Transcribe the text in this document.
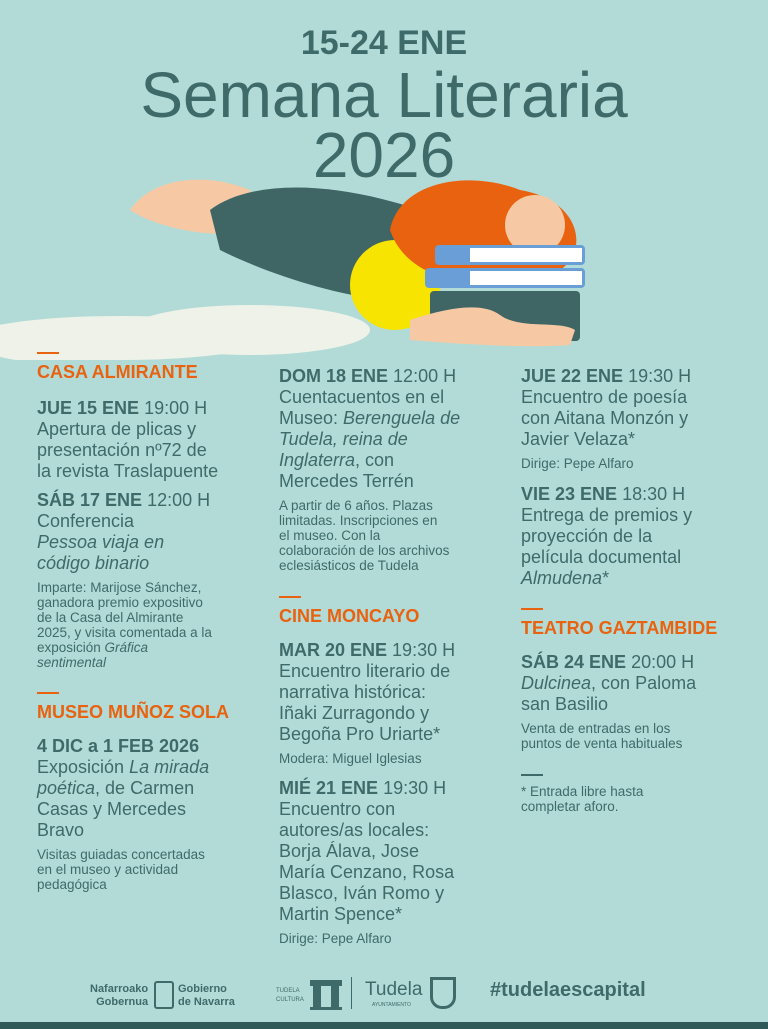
15-24 ENE
Semana Literaria
2026
CASA ALMIRANTE
JUE 15 ENE 19:00 H
Apertura de plicas y
presentación nº72 de
la revista Traslapuente
SÁB 17 ENE 12:00 H
Conferencia
Pessoa viaja en
código binario
Imparte: Marijose Sánchez,
ganadora premio expositivo
de la Casa del Almirante
2025, y visita comentada a la
exposición Gráfica
sentimental
MUSEO MUÑOZ SOLA
4 DIC a 1 FEB 2026
Exposición La mirada
poética, de Carmen
Casas y Mercedes
Bravo
Visitas guiadas concertadas
en el museo y actividad
pedagógica
DOM 18 ENE 12:00 H
Cuentacuentos en el
Museo: Berenguela de
Tudela, reina de
Inglaterra, con
Mercedes Terrén
A partir de 6 años. Plazas
limitadas. Inscripciones en
el museo. Con la
colaboración de los archivos
eclesiásticos de Tudela
CINE MONCAYO
MAR 20 ENE 19:30 H
Encuentro literario de
narrativa histórica:
Iñaki Zurragondo y
Begoña Pro Uriarte*
Modera: Miguel Iglesias
MIÉ 21 ENE 19:30 H
Encuentro con
autores/as locales:
Borja Álava, Jose
María Cenzano, Rosa
Blasco, Iván Romo y
Martin Spence*
Dirige: Pepe Alfaro
JUE 22 ENE 19:30 H
Encuentro de poesía
con Aitana Monzón y
Javier Velaza*
Dirige: Pepe Alfaro
VIE 23 ENE 18:30 H
Entrega de premios y
proyección de la
película documental
Almudena*
TEATRO GAZTAMBIDE
SÁB 24 ENE 20:00 H
Dulcinea, con Paloma
san Basilio
Venta de entradas en los
puntos de venta habituales
* Entrada libre hasta
completar aforo.
Nafarroako
Gobernua
Gobierno
de Navarra
TUDELA
CULTURA	Tudela
AYUNTAMIENTO
#tudelaescapital
